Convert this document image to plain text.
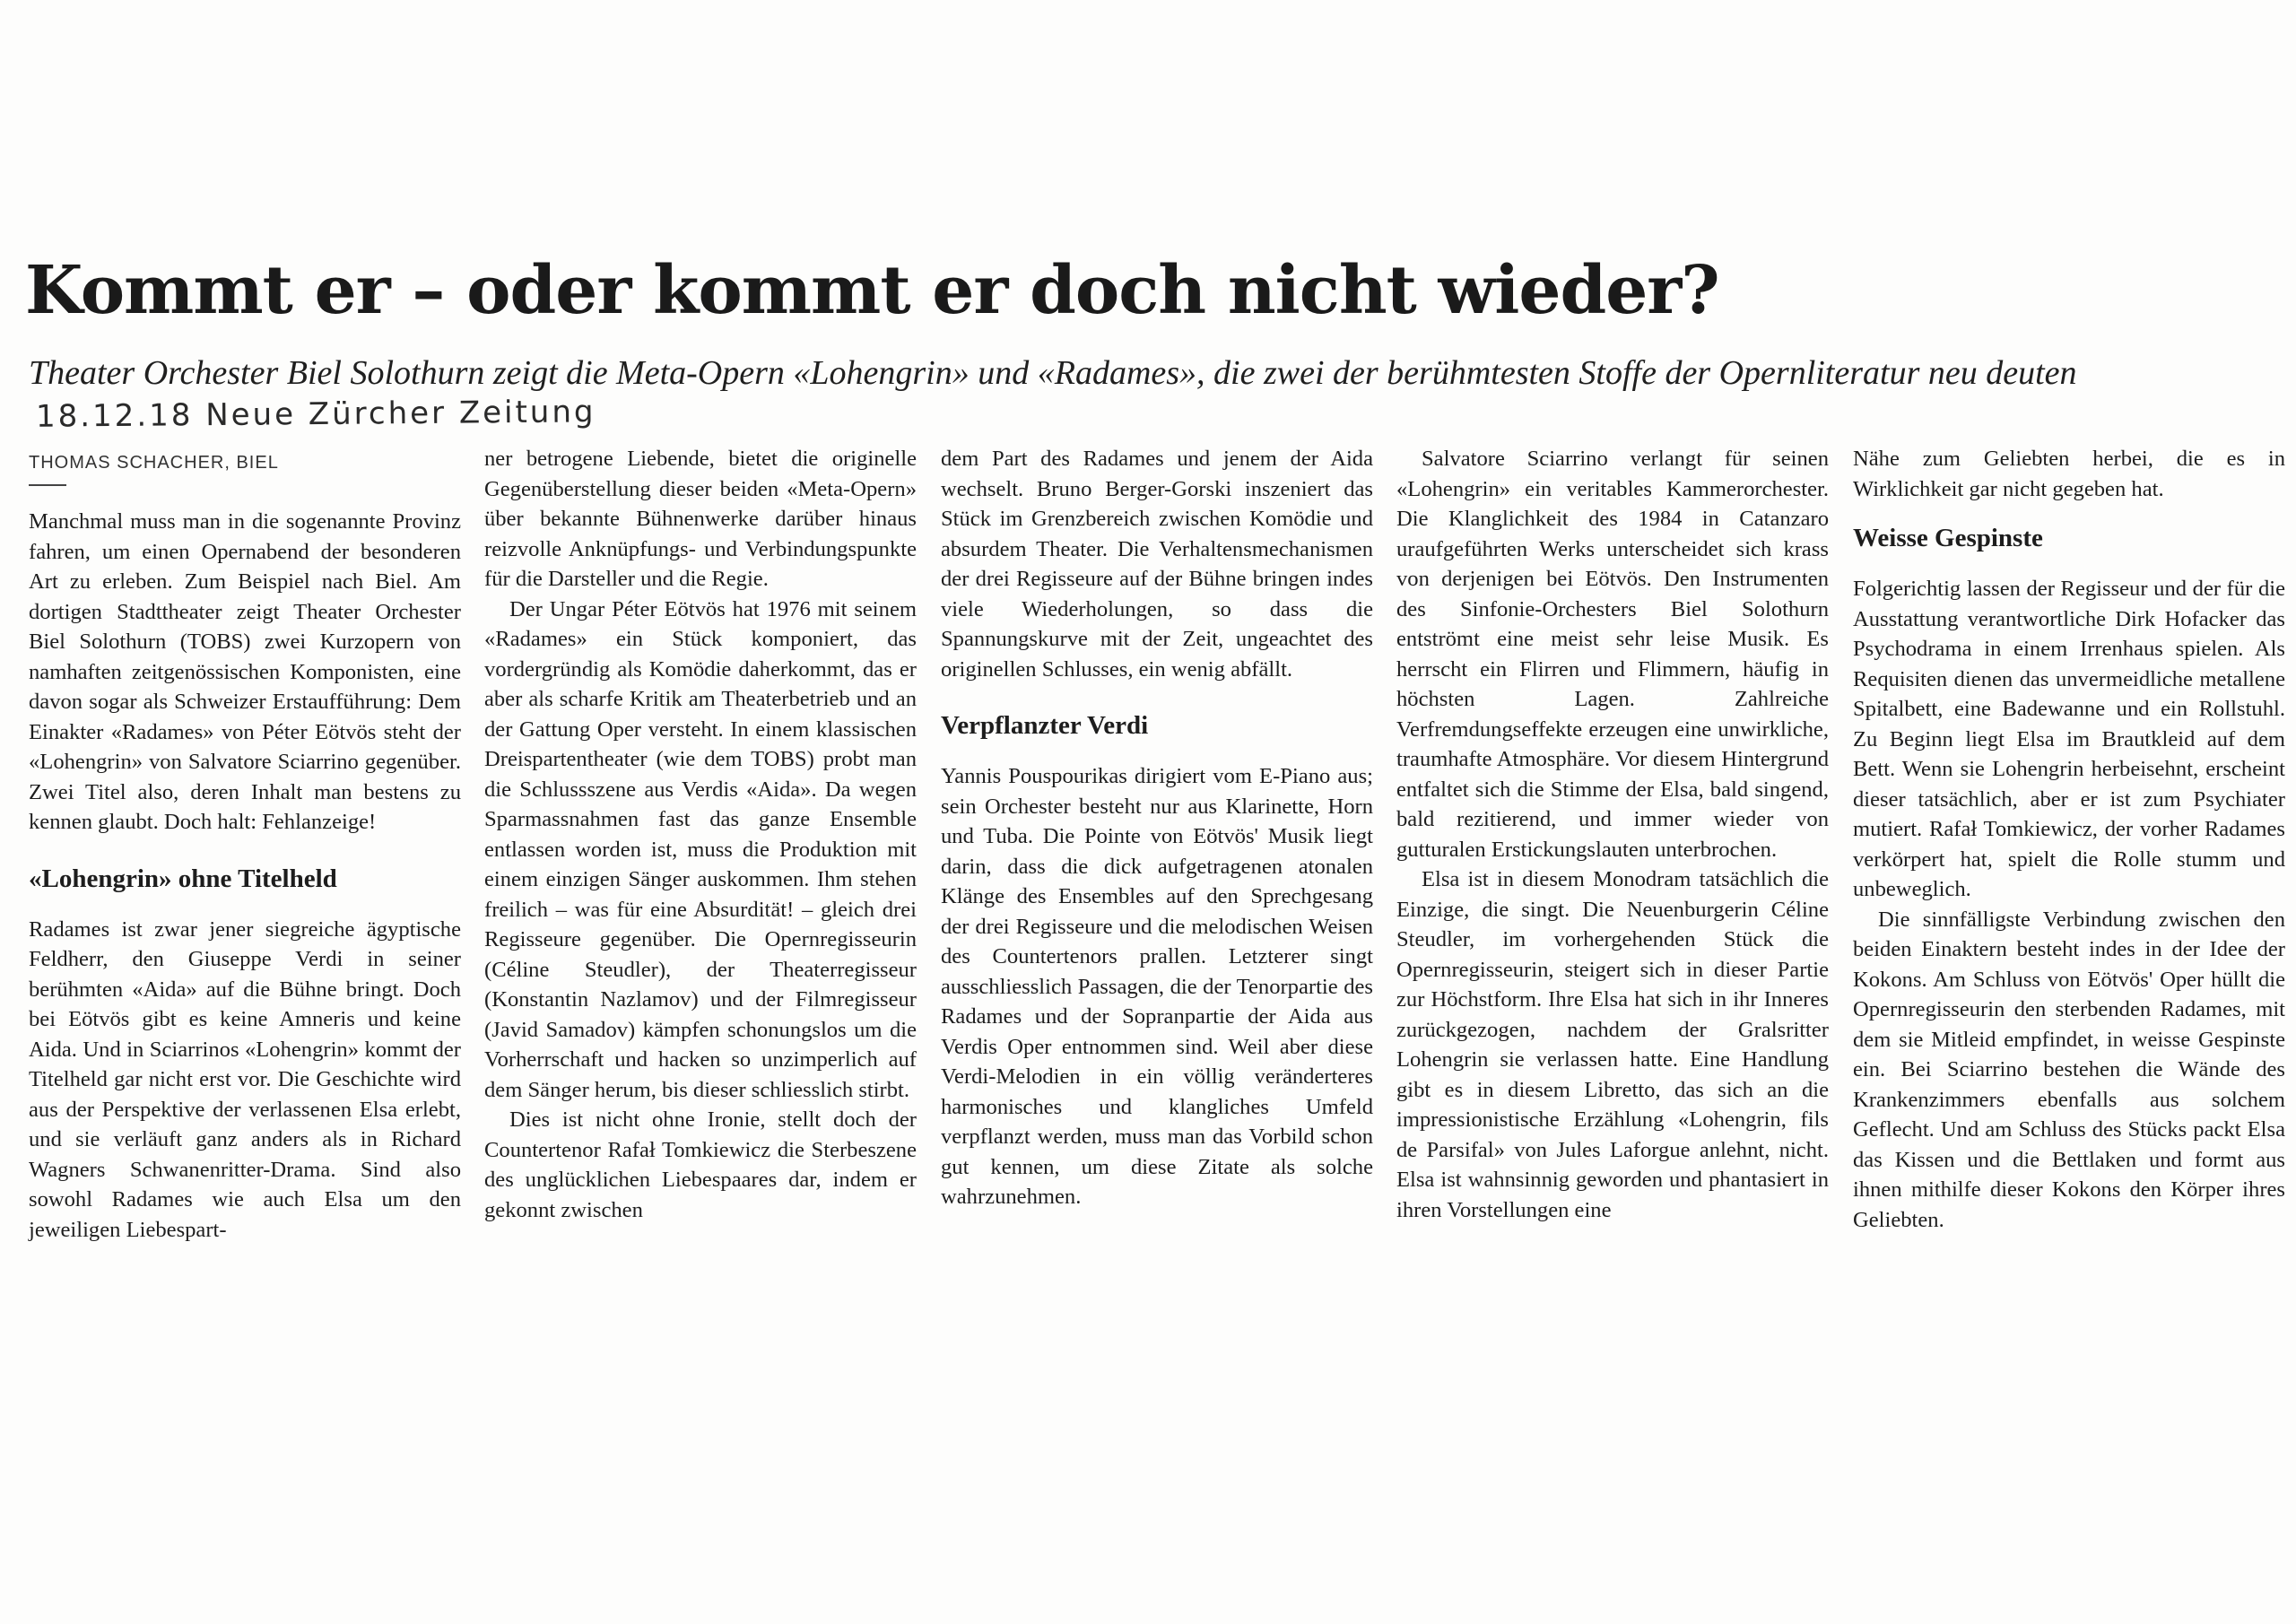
Kommt er – oder kommt er doch nicht wieder?

Theater Orchester Biel Solothurn zeigt die Meta-Opern «Lohengrin» und «Radames», die zwei der berühmtesten Stoffe der Opernliteratur neu deuten

18.12.18 Neue Zürcher Zeitung
THOMAS SCHACHER, BIEL

Manchmal muss man in die sogenannte Provinz fahren, um einen Opernabend der besonderen Art zu erleben. Zum Beispiel nach Biel. Am dortigen Stadttheater zeigt Theater Orchester Biel Solothurn (TOBS) zwei Kurzopern von namhaften zeitgenössischen Komponisten, eine davon sogar als Schweizer Erstaufführung: Dem Einakter «Radames» von Péter Eötvös steht der «Lohengrin» von Salvatore Sciarrino gegenüber. Zwei Titel also, deren Inhalt man bestens zu kennen glaubt. Doch halt: Fehlanzeige!

«Lohengrin» ohne Titelheld

Radames ist zwar jener siegreiche ägyptische Feldherr, den Giuseppe Verdi in seiner berühmten «Aida» auf die Bühne bringt. Doch bei Eötvös gibt es keine Amneris und keine Aida. Und in Sciarrinos «Lohengrin» kommt der Titelheld gar nicht erst vor. Die Geschichte wird aus der Perspektive der verlassenen Elsa erlebt, und sie verläuft ganz anders als in Richard Wagners Schwanenritter-Drama. Sind also sowohl Radames wie auch Elsa um den jeweiligen Liebespart-

ner betrogene Liebende, bietet die originelle Gegenüberstellung dieser beiden «Meta-Opern» über bekannte Bühnenwerke darüber hinaus reizvolle Anknüpfungs- und Verbindungspunkte für die Darsteller und die Regie.

Der Ungar Péter Eötvös hat 1976 mit seinem «Radames» ein Stück komponiert, das vordergründig als Komödie daherkommt, das er aber als scharfe Kritik am Theaterbetrieb und an der Gattung Oper versteht. In einem klassischen Dreispartentheater (wie dem TOBS) probt man die Schlussszene aus Verdis «Aida». Da wegen Sparmassnahmen fast das ganze Ensemble entlassen worden ist, muss die Produktion mit einem einzigen Sänger auskommen. Ihm stehen freilich – was für eine Absurdität! – gleich drei Regisseure gegenüber. Die Opernregisseurin (Céline Steudler), der Theaterregisseur (Konstantin Nazlamov) und der Filmregisseur (Javid Samadov) kämpfen schonungslos um die Vorherrschaft und hacken so unzimperlich auf dem Sänger herum, bis dieser schliesslich stirbt.

Dies ist nicht ohne Ironie, stellt doch der Countertenor Rafał Tomkiewicz die Sterbeszene des unglücklichen Liebespaares dar, indem er gekonnt zwischen

dem Part des Radames und jenem der Aida wechselt. Bruno Berger-Gorski inszeniert das Stück im Grenzbereich zwischen Komödie und absurdem Theater. Die Verhaltensmechanismen der drei Regisseure auf der Bühne bringen indes viele Wiederholungen, so dass die Spannungskurve mit der Zeit, ungeachtet des originellen Schlusses, ein wenig abfällt.

Verpflanzter Verdi

Yannis Pouspourikas dirigiert vom E-Piano aus; sein Orchester besteht nur aus Klarinette, Horn und Tuba. Die Pointe von Eötvös' Musik liegt darin, dass die dick aufgetragenen atonalen Klänge des Ensembles auf den Sprechgesang der drei Regisseure und die melodischen Weisen des Countertenors prallen. Letzterer singt ausschliesslich Passagen, die der Tenorpartie des Radames und der Sopranpartie der Aida aus Verdis Oper entnommen sind. Weil aber diese Verdi-Melodien in ein völlig veränderteres harmonisches und klangliches Umfeld verpflanzt werden, muss man das Vorbild schon gut kennen, um diese Zitate als solche wahrzunehmen.

Salvatore Sciarrino verlangt für seinen «Lohengrin» ein veritables Kammerorchester. Die Klanglichkeit des 1984 in Catanzaro uraufgeführten Werks unterscheidet sich krass von derjenigen bei Eötvös. Den Instrumenten des Sinfonie-Orchesters Biel Solothurn entströmt eine meist sehr leise Musik. Es herrscht ein Flirren und Flimmern, häufig in höchsten Lagen. Zahlreiche Verfremdungseffekte erzeugen eine unwirkliche, traumhafte Atmosphäre. Vor diesem Hintergrund entfaltet sich die Stimme der Elsa, bald singend, bald rezitierend, und immer wieder von gutturalen Erstickungslauten unterbrochen.

Elsa ist in diesem Monodram tatsächlich die Einzige, die singt. Die Neuenburgerin Céline Steudler, im vorhergehenden Stück die Opernregisseurin, steigert sich in dieser Partie zur Höchstform. Ihre Elsa hat sich in ihr Inneres zurückgezogen, nachdem der Gralsritter Lohengrin sie verlassen hatte. Eine Handlung gibt es in diesem Libretto, das sich an die impressionistische Erzählung «Lohengrin, fils de Parsifal» von Jules Laforgue anlehnt, nicht. Elsa ist wahnsinnig geworden und phantasiert in ihren Vorstellungen eine

Nähe zum Geliebten herbei, die es in Wirklichkeit gar nicht gegeben hat.

Weisse Gespinste

Folgerichtig lassen der Regisseur und der für die Ausstattung verantwortliche Dirk Hofacker das Psychodrama in einem Irrenhaus spielen. Als Requisiten dienen das unvermeidliche metallene Spitalbett, eine Badewanne und ein Rollstuhl. Zu Beginn liegt Elsa im Brautkleid auf dem Bett. Wenn sie Lohengrin herbeisehnt, erscheint dieser tatsächlich, aber er ist zum Psychiater mutiert. Rafał Tomkiewicz, der vorher Radames verkörpert hat, spielt die Rolle stumm und unbeweglich.

Die sinnfälligste Verbindung zwischen den beiden Einaktern besteht indes in der Idee der Kokons. Am Schluss von Eötvös' Oper hüllt die Opernregisseurin den sterbenden Radames, mit dem sie Mitleid empfindet, in weisse Gespinste ein. Bei Sciarrino bestehen die Wände des Krankenzimmers ebenfalls aus solchem Geflecht. Und am Schluss des Stücks packt Elsa das Kissen und die Bettlaken und formt aus ihnen mithilfe dieser Kokons den Körper ihres Geliebten.
